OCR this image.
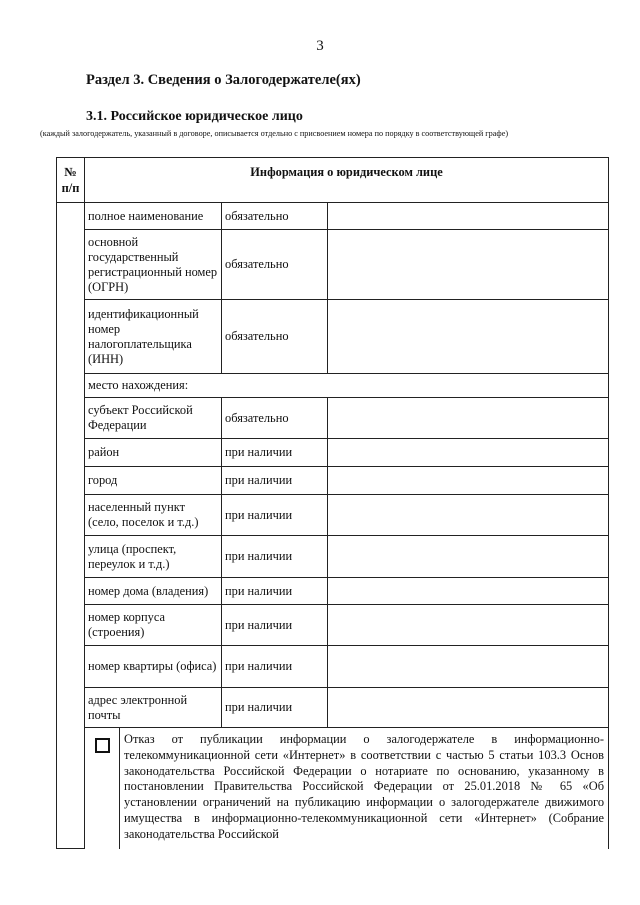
3
Раздел 3. Сведения о Залогодержателе(ях)
3.1. Российское юридическое лицо
(каждый залогодержатель, указанный в договоре, описывается отдельно с присвоением номера по порядку в соответствующей графе)
№
п/п	Информация о юридическом лице		
	полное наименование	обязательно	
	основной государственный регистрационный номер (ОГРН)	обязательно	
	идентификационный номер налогоплательщика (ИНН)	обязательно	
	место нахождения:		
	субъект Российской Федерации	обязательно	
	район	при наличии	
	город	при наличии	
	населенный пункт (село, поселок и т.д.)	при наличии	
	улица (проспект, переулок и т.д.)	при наличии	
	номер дома (владения)	при наличии	
	номер корпуса (строения)	при наличии	
	номер квартиры (офиса)	при наличии	
	адрес электронной почты	при наличии	

	Отказ от публикации информации о залогодержателе в информационно-телекоммуникационной сети «Интернет» в соответствии с частью 5 статьи 103.3 Основ законодательства Российской Федерации о нотариате по основанию, указанному в постановлении Правительства Российской Федерации от 25.01.2018 № 65 «Об установлении ограничений на публикацию информации о залогодержателе движимого имущества в информационно-телекоммуникационной сети «Интернет» (Собрание законодательства Российской		
